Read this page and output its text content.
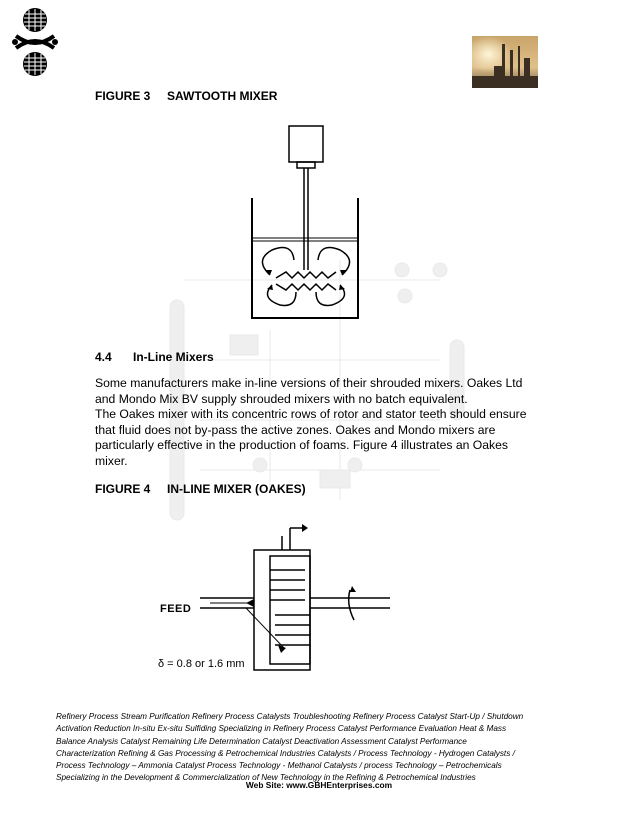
FIGURE 3 SAWTOOTH MIXER
4.4 In-Line Mixers

Some manufacturers make in-line versions of their shrouded mixers. Oakes Ltd

and Mondo Mix BV supply shrouded mixers with no batch equivalent.

The Oakes mixer with its concentric rows of rotor and stator teeth should ensure

that fluid does not by-pass the active zones. Oakes and Mondo mixers are

particularly effective in the production of foams. Figure 4 illustrates an Oakes

mixer.

FIGURE 4 IN-LINE MIXER (OAKES)
FEED
δ = 0.8 or 1.6 mm
Refinery Process Stream Purification Refinery Process Catalysts Troubleshooting Refinery Process Catalyst Start-Up / Shutdown
Activation Reduction In-situ Ex-situ Sulfiding Specializing in Refinery Process Catalyst Performance Evaluation Heat & Mass
Balance Analysis Catalyst Remaining Life Determination Catalyst Deactivation Assessment Catalyst Performance
Characterization Refining & Gas Processing & Petrochemical Industries Catalysts / Process Technology - Hydrogen Catalysts /
Process Technology – Ammonia Catalyst Process Technology - Methanol Catalysts / process Technology – Petrochemicals
Specializing in the Development & Commercialization of New Technology in the Refining & Petrochemical Industries
Web Site: www.GBHEnterprises.com
